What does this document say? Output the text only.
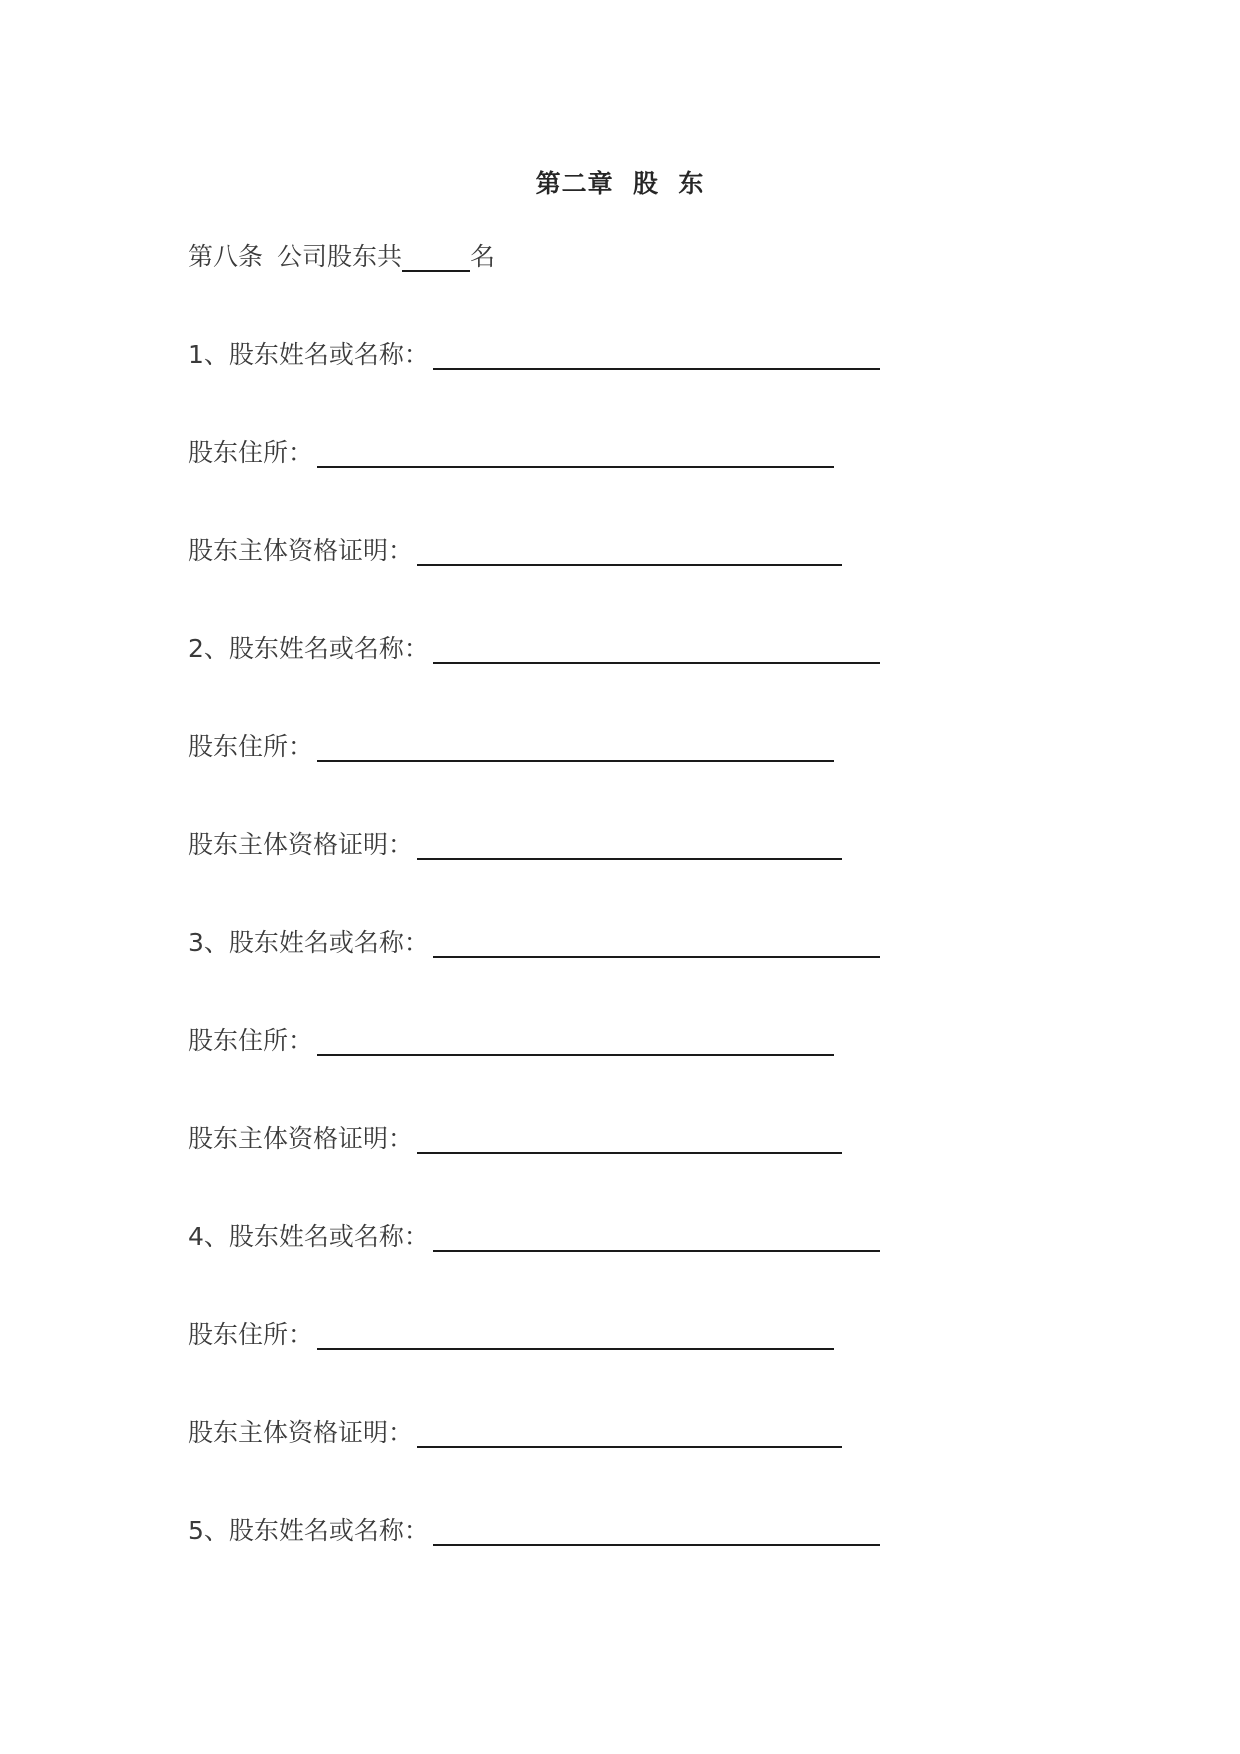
第二章  股  东
第八条 公司股东共	名
1、股东姓名或名称：
股东住所：
股东主体资格证明：
2、股东姓名或名称：
股东住所：
股东主体资格证明：
3、股东姓名或名称：
股东住所：
股东主体资格证明：
4、股东姓名或名称：
股东住所：
股东主体资格证明：
5、股东姓名或名称：
